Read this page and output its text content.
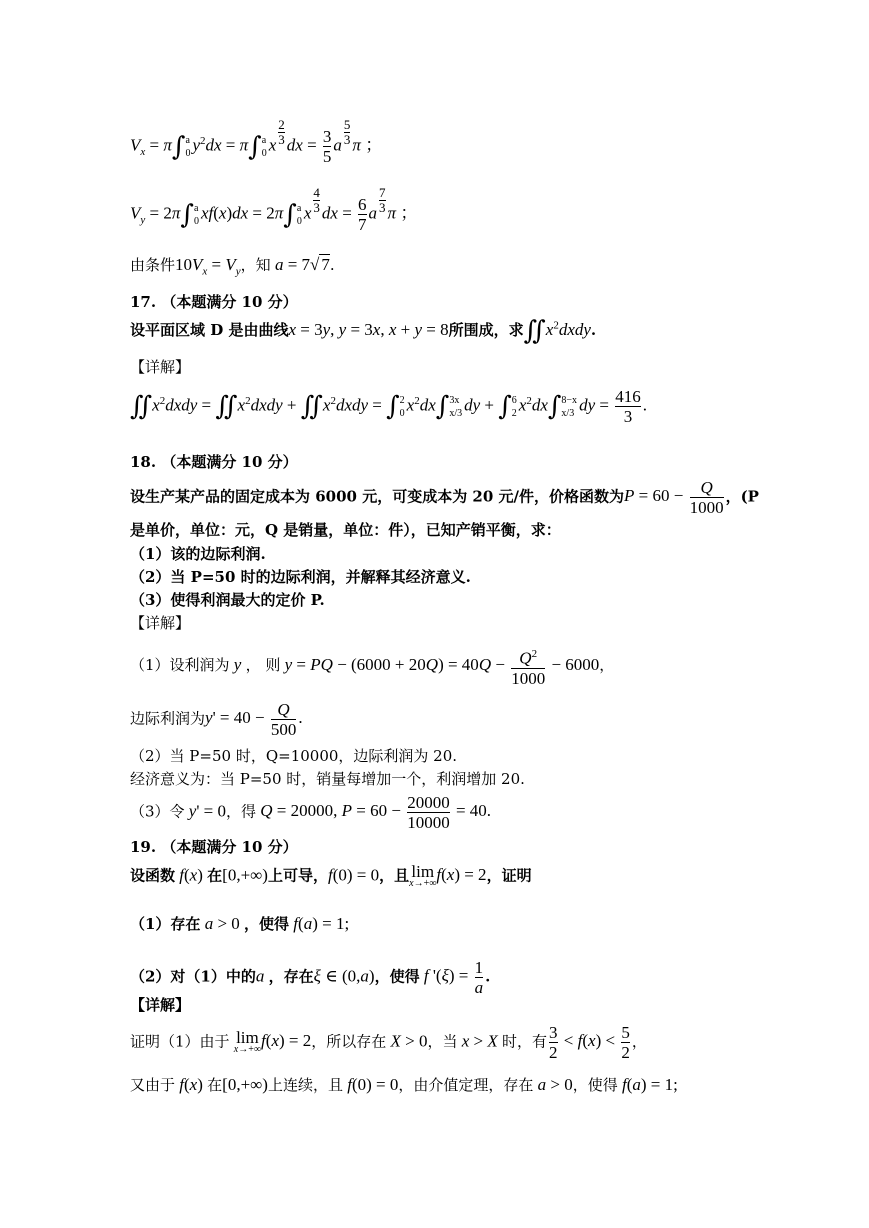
$V_x = \pi\int a$
0 $y^2dx = \pi\int a$
0 x $\frac{2}{3}$ dx = $\frac{3}{5}$ a $\frac{5}{3}$ π ；
$V_y = 2\pi\int a$
0 xf(x)dx = 2π∫a
0 x $\frac{4}{3}$ dx = $\frac{6}{7}$ a $\frac{7}{3}$ π ；
由条件$10V_x = V_y$，知 a = 7√ 7.
17. （本题满分 10 分）
设平面区域 D 是由曲线x = 3y, y = 3x, x + y = 8所围成，求$∬x^2dxdy$.
【详解】
$∬x^2dxdy$ = $∬x^2dxdy$ + $∬x^2dxdy = \int 2$
0 $x^2dx\int 3x$
x/3 dy + ∫6
2 $x^2dx\int 8-x$
x/3 dy = $\frac{416}{3}$ .
18. （本题满分 10 分）
设生产某产品的固定成本为 6000 元，可变成本为 20 元/件，价格函数为$P = 60 - \frac{Q}{1000}$ ，(P
是单价，单位：元，Q 是销量，单位：件），已知产销平衡，求：
（1）该的边际利润.
（2）当 P=50 时的边际利润，并解释其经济意义.
（3）使得利润最大的定价 P.
【详解】
（1）设利润为 y ， 则 y = PQ − $(6000 + 20Q) = 40Q - \frac{Q^2}{1000} - 6000$，
边际利润为$y' = 40 - \frac{Q}{500}$ .
（2）当 P=50 时，Q=10000，边际利润为 20.
经济意义为：当 P=50 时，销量每增加一个，利润增加 20.
（3）令 y' = 0，得 Q = 20000, $P = 60 - \frac{20000}{10000} = 40$.
19. （本题满分 10 分）
设函数 f(x) 在[0,+∞)上可导，f(0) = 0，且 lim
x→+∞ f(x) = 2，证明
（1）存在 a > 0 ，使得 f(a) = 1;
（2）对（1）中的a ，存在ξ ∈ (0,a)，使得 f '$(\xi) = \frac{1}{a}$ .
【详解】
证明（1）由于 lim
x→+∞ f(x) = 2，所以存在 X > 0，当 x > X 时，有 $\frac{3}{2} < f(x) < \frac{5}{2}$ ，
又由于 f(x) 在[0,+∞)上连续，且 f(0) = 0，由介值定理，存在 a > 0，使得 f(a) = 1;
